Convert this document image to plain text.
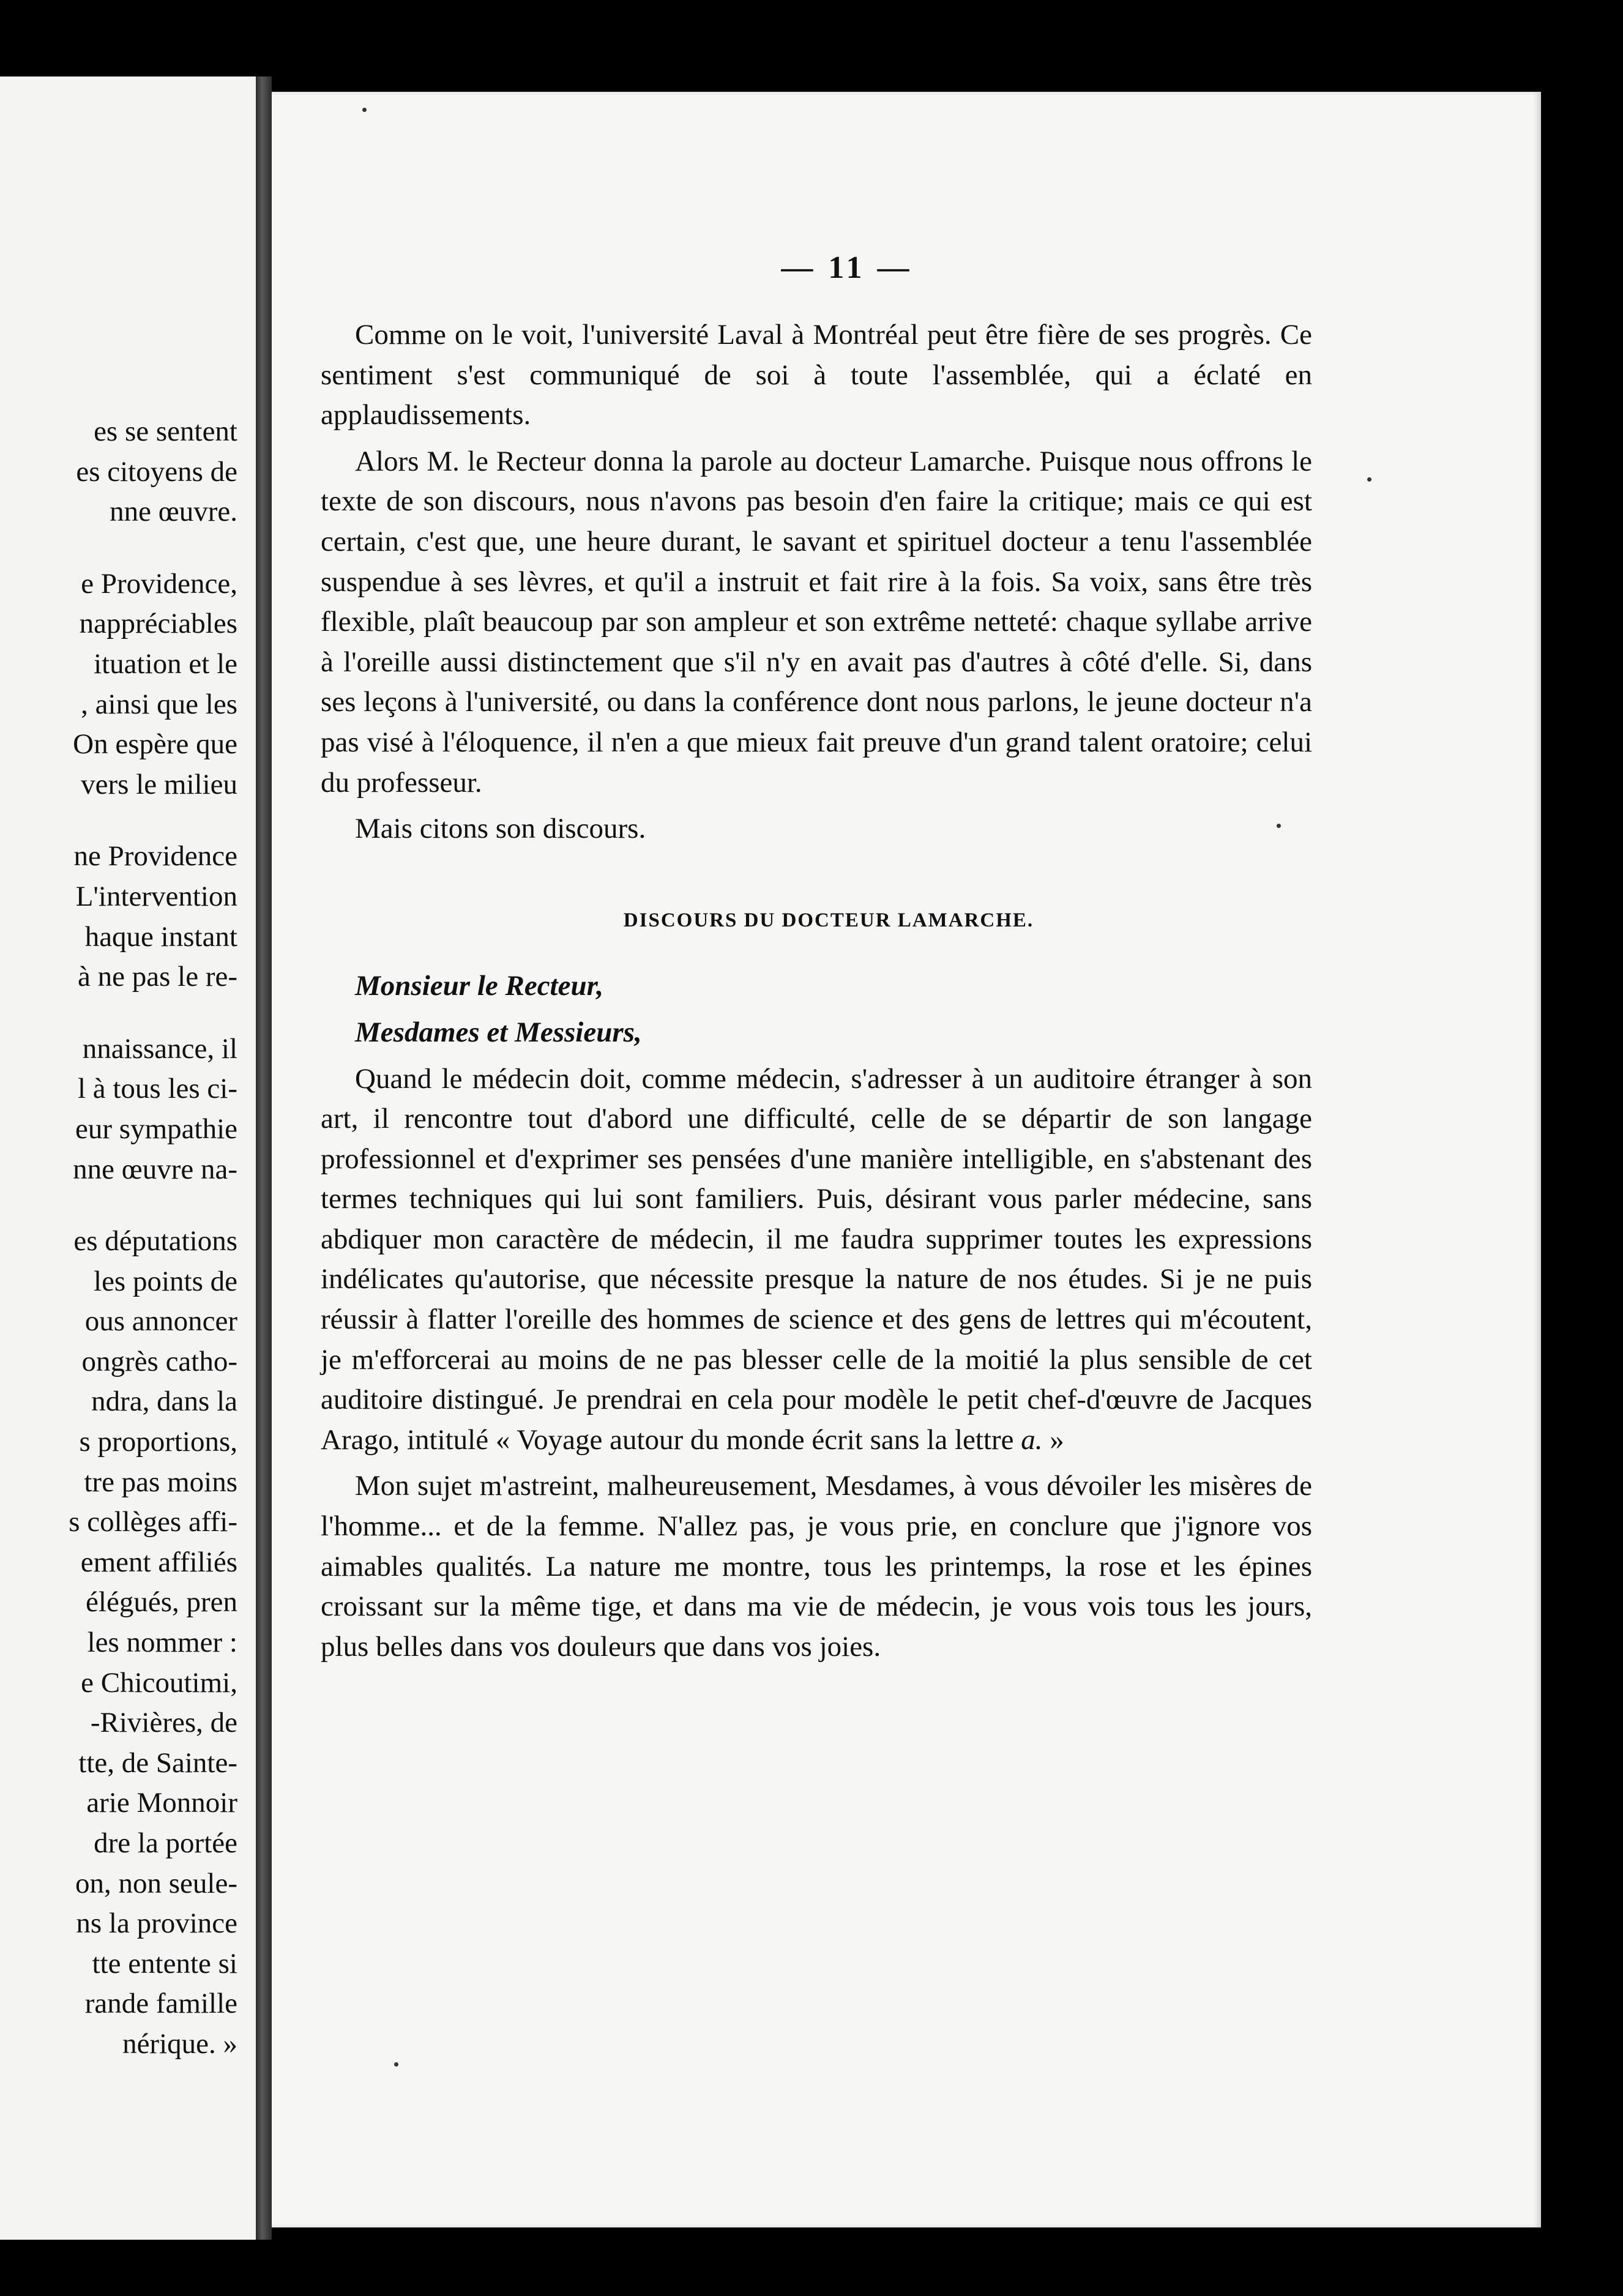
es se sentent
es citoyens de
nne œuvre.
e Providence,
nappréciables
ituation et le
, ainsi que les
On espère que
vers le milieu
ne Providence
L'intervention
haque instant
à ne pas le re-
nnaissance, il
l à tous les ci-
eur sympathie
nne œuvre na-
es députations
les points de
ous annoncer
ongrès catho-
ndra, dans la
s proportions,
tre pas moins
s collèges affi-
ement affiliés
élégués, pren
les nommer :
e Chicoutimi,
-Rivières, de
tte, de Sainte-
arie Monnoir
dre la portée
on, non seule-
ns la province
tte entente si
rande famille
nérique. »
— 11 —

Comme on le voit, l'université Laval à Montréal peut être fière de ses progrès. Ce sentiment s'est communiqué de soi à toute l'assemblée, qui a éclaté en applaudissements.

Alors M. le Recteur donna la parole au docteur Lamarche. Puisque nous offrons le texte de son discours, nous n'avons pas besoin d'en faire la critique; mais ce qui est certain, c'est que, une heure durant, le savant et spirituel docteur a tenu l'assemblée suspendue à ses lèvres, et qu'il a instruit et fait rire à la fois. Sa voix, sans être très flexible, plaît beaucoup par son ampleur et son extrême netteté: chaque syllabe arrive à l'oreille aussi distinctement que s'il n'y en avait pas d'autres à côté d'elle. Si, dans ses leçons à l'université, ou dans la conférence dont nous parlons, le jeune docteur n'a pas visé à l'éloquence, il n'en a que mieux fait preuve d'un grand talent oratoire; celui du professeur.

Mais citons son discours.

DISCOURS DU DOCTEUR LAMARCHE.

Monsieur le Recteur,

Mesdames et Messieurs,

Quand le médecin doit, comme médecin, s'adresser à un auditoire étranger à son art, il rencontre tout d'abord une difficulté, celle de se départir de son langage professionnel et d'exprimer ses pensées d'une manière intelligible, en s'abstenant des termes techniques qui lui sont familiers. Puis, désirant vous parler médecine, sans abdiquer mon caractère de médecin, il me faudra supprimer toutes les expressions indélicates qu'autorise, que nécessite presque la nature de nos études. Si je ne puis réussir à flatter l'oreille des hommes de science et des gens de lettres qui m'écoutent, je m'efforcerai au moins de ne pas blesser celle de la moitié la plus sensible de cet auditoire distingué. Je prendrai en cela pour modèle le petit chef-d'œuvre de Jacques Arago, intitulé « Voyage autour du monde écrit sans la lettre a. »

Mon sujet m'astreint, malheureusement, Mesdames, à vous dévoiler les misères de l'homme... et de la femme. N'allez pas, je vous prie, en conclure que j'ignore vos aimables qualités. La nature me montre, tous les printemps, la rose et les épines croissant sur la même tige, et dans ma vie de médecin, je vous vois tous les jours, plus belles dans vos douleurs que dans vos joies.
